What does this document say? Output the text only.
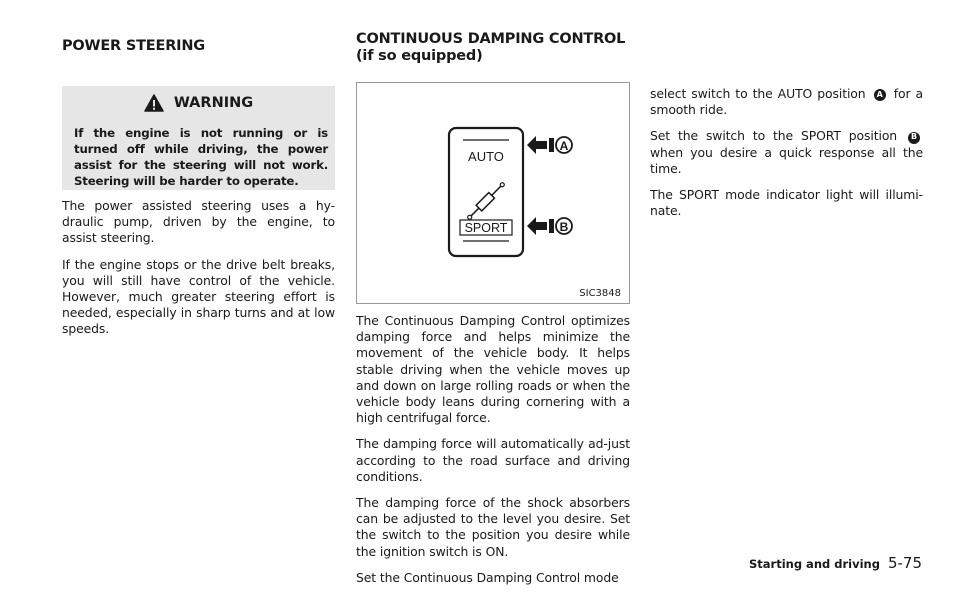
POWER STEERING	CONTINUOUS DAMPING CONTROL (if so equipped)
WARNING
If the engine is not running or is turned off while driving, the power assist for the steering will not work. Steering will be harder to operate.

The power assisted steering uses a hy-draulic pump, driven by the engine, to assist steering.

If the engine stops or the drive belt breaks, you will still have control of the vehicle. However, much greater steering effort is needed, especially in sharp turns and at low speeds.

AUTO
SPORT
A
B
SIC3848

The Continuous Damping Control optimizes damping force and helps minimize the movement of the vehicle body. It helps stable driving when the vehicle moves up and down on large rolling roads or when the vehicle body leans during cornering with a high centrifugal force.

The damping force will automatically ad-just according to the road surface and driving conditions.

The damping force of the shock absorbers can be adjusted to the level you desire. Set the switch to the position you desire while the ignition switch is ON.

Set the Continuous Damping Control mode

select switch to the AUTO position A for a smooth ride.

Set the switch to the SPORT position B when you desire a quick response all the time.

The SPORT mode indicator light will illumi-nate.

Starting and driving 5-75
